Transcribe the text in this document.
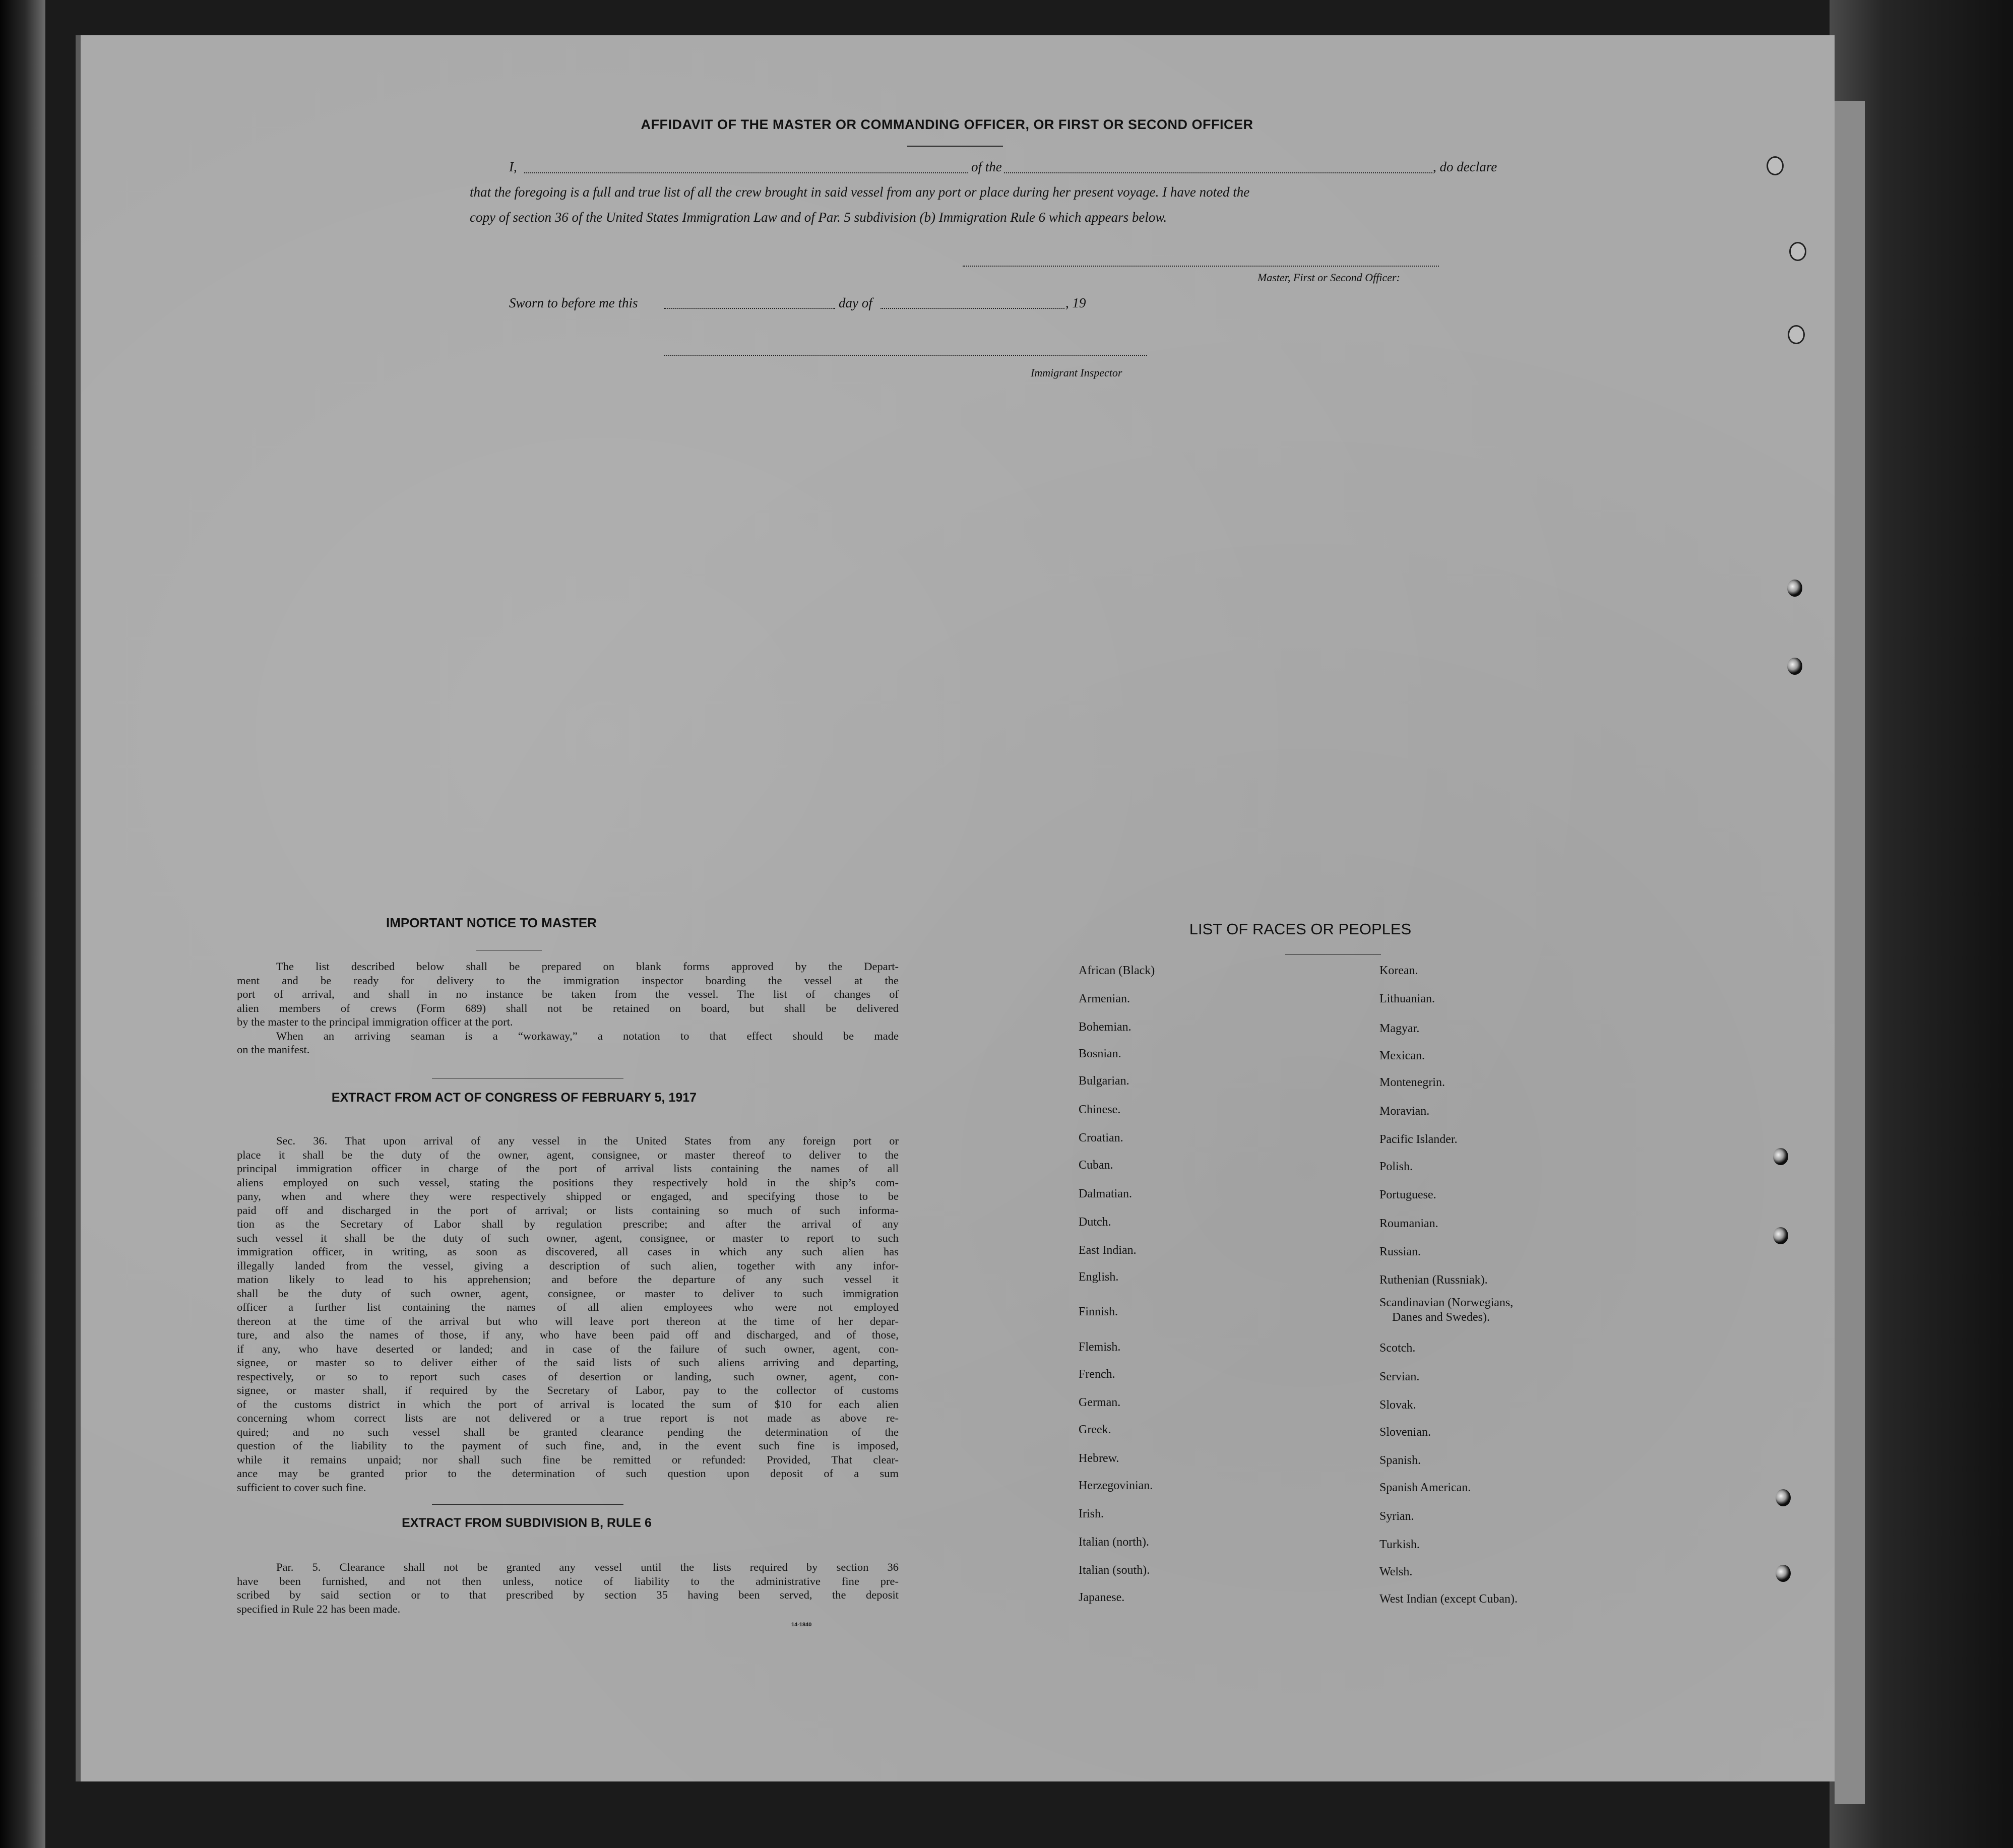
AFFIDAVIT OF THE MASTER OR COMMANDING OFFICER, OR FIRST OR SECOND OFFICER
I,	of the	, do declare
that the foregoing is a full and true list of all the crew brought in said vessel from any port or place during her present voyage. I have noted the
copy of section 36 of the United States Immigration Law and of Par. 5 subdivision (b) Immigration Rule 6 which appears below.
Master, First or Second Officer:
Sworn to before me this	day of	, 19
Immigrant Inspector
IMPORTANT NOTICE TO MASTER
The list described below shall be prepared on blank forms approved by the Depart-
ment and be ready for delivery to the immigration inspector boarding the vessel at the
port of arrival, and shall in no instance be taken from the vessel. The list of changes of
alien members of crews (Form 689) shall not be retained on board, but shall be delivered
by the master to the principal immigration officer at the port.
When an arriving seaman is a “workaway,” a notation to that effect should be made
on the manifest.
EXTRACT FROM ACT OF CONGRESS OF FEBRUARY 5, 1917
Sec. 36. That upon arrival of any vessel in the United States from any foreign port or
place it shall be the duty of the owner, agent, consignee, or master thereof to deliver to the
principal immigration officer in charge of the port of arrival lists containing the names of all
aliens employed on such vessel, stating the positions they respectively hold in the ship’s com-
pany, when and where they were respectively shipped or engaged, and specifying those to be
paid off and discharged in the port of arrival; or lists containing so much of such informa-
tion as the Secretary of Labor shall by regulation prescribe; and after the arrival of any
such vessel it shall be the duty of such owner, agent, consignee, or master to report to such
immigration officer, in writing, as soon as discovered, all cases in which any such alien has
illegally landed from the vessel, giving a description of such alien, together with any infor-
mation likely to lead to his apprehension; and before the departure of any such vessel it
shall be the duty of such owner, agent, consignee, or master to deliver to such immigration
officer a further list containing the names of all alien employees who were not employed
thereon at the time of the arrival but who will leave port thereon at the time of her depar-
ture, and also the names of those, if any, who have been paid off and discharged, and of those,
if any, who have deserted or landed; and in case of the failure of such owner, agent, con-
signee, or master so to deliver either of the said lists of such aliens arriving and departing,
respectively, or so to report such cases of desertion or landing, such owner, agent, con-
signee, or master shall, if required by the Secretary of Labor, pay to the collector of customs
of the customs district in which the port of arrival is located the sum of $10 for each alien
concerning whom correct lists are not delivered or a true report is not made as above re-
quired; and no such vessel shall be granted clearance pending the determination of the
question of the liability to the payment of such fine, and, in the event such fine is imposed,
while it remains unpaid; nor shall such fine be remitted or refunded: Provided, That clear-
ance may be granted prior to the determination of such question upon deposit of a sum
sufficient to cover such fine.
EXTRACT FROM SUBDIVISION B, RULE 6
Par. 5. Clearance shall not be granted any vessel until the lists required by section 36
have been furnished, and not then unless, notice of liability to the administrative fine pre-
scribed by said section or to that prescribed by section 35 having been served, the deposit
specified in Rule 22 has been made.
14-1840
LIST OF RACES OR PEOPLES
African (Black)
Armenian.
Bohemian.
Bosnian.
Bulgarian.
Chinese.
Croatian.
Cuban.
Dalmatian.
Dutch.
East Indian.
English.
Finnish.
Flemish.
French.
German.
Greek.
Hebrew.
Herzegovinian.
Irish.
Italian (north).
Italian (south).
Japanese.
Korean.
Lithuanian.
Magyar.
Mexican.
Montenegrin.
Moravian.
Pacific Islander.
Polish.
Portuguese.
Roumanian.
Russian.
Ruthenian (Russniak).
Scandinavian (Norwegians,
Danes and Swedes).
Scotch.
Servian.
Slovak.
Slovenian.
Spanish.
Spanish American.
Syrian.
Turkish.
Welsh.
West Indian (except Cuban).
